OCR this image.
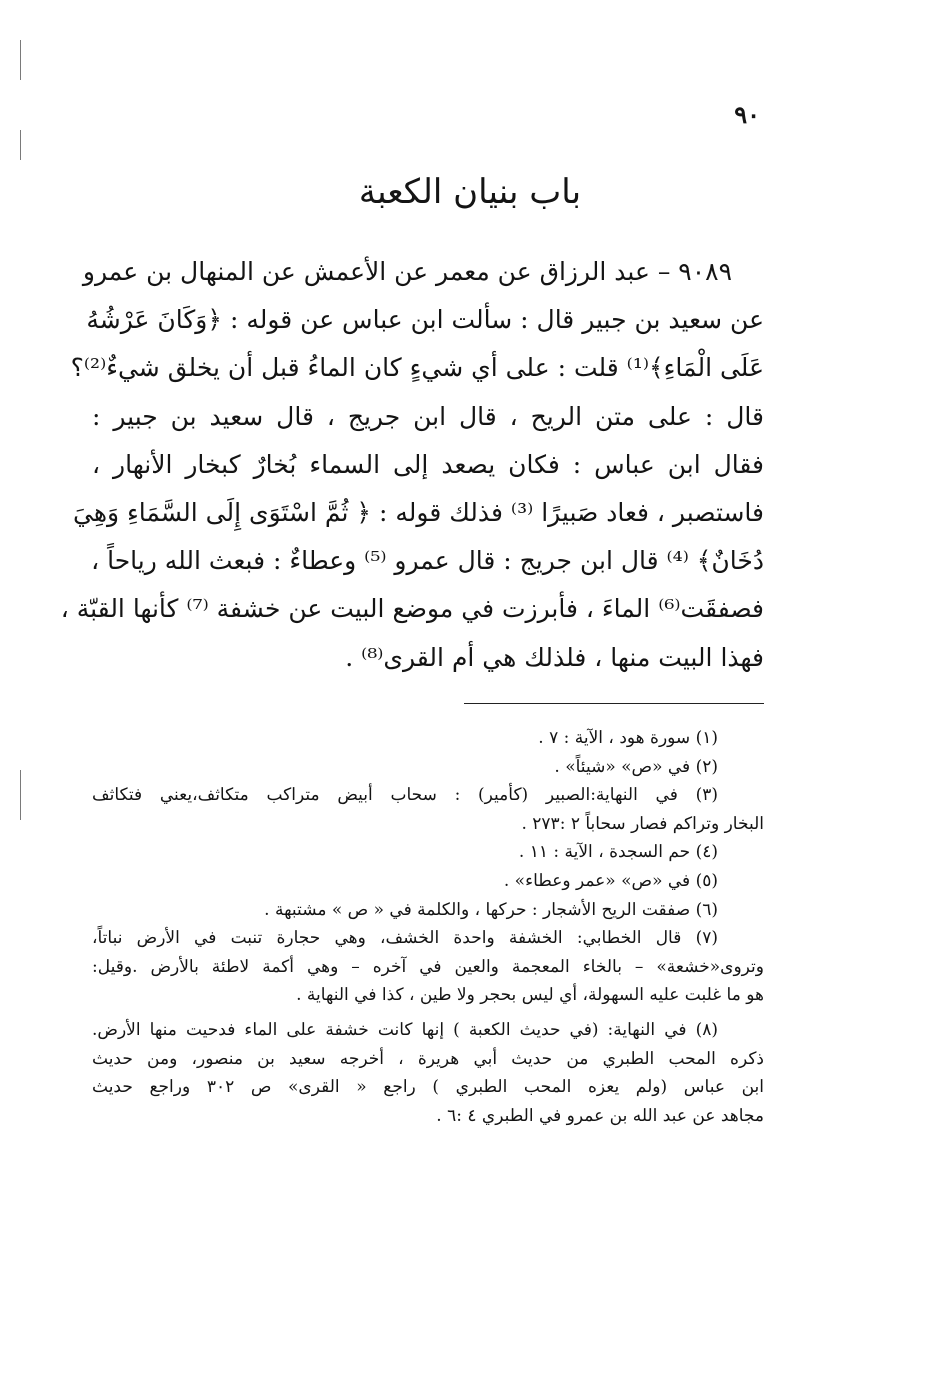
٩٠
باب بنيان الكعبة
٩٠٨٩ – عبد الرزاق عن معمر عن الأعمش عن المنهال بن عمرو
عن سعيد بن جبير قال : سألت ابن عباس عن قوله : ﴿وَكَانَ عَرْشُهُ
عَلَى الْمَاءِ﴾⁽¹⁾ قلت : على أي شيءٍ كان الماءُ قبل أن يخلق شيءٌ⁽²⁾؟
قال : على متن الريح ، قال ابن جريج ، قال سعيد بن جبير :
فقال ابن عباس : فكان يصعد إلى السماء بُخارٌ كبخار الأنهار ،
فاستصبر ، فعاد صَبيرًا ⁽³⁾ فذلك قوله : ﴿ ثُمَّ اسْتَوَى إِلَى السَّمَاءِ وَهِيَ
دُخَانٌ﴾ ⁽⁴⁾ قال ابن جريج : قال عمرو ⁽⁵⁾ وعطاءٌ : فبعث الله رياحاً ،
فصفقَت⁽⁶⁾ الماءَ ، فأبرزت في موضع البيت عن خشفة ⁽⁷⁾ كأنها القبّة ،
فهذا البيت منها ، فلذلك هي أم القرى⁽⁸⁾ .
(١) سورة هود ، الآية : ٧ .
(٢) في «ص» «شيئاً» .
(٣) في النهاية:الصبير (كأمير) : سحاب أبيض متراكب متكاثف،يعني فتكاثف
البخار وتراكم فصار سحاباً ٢ :٢٧٣ .
(٤) حم السجدة ، الآية : ١١ .
(٥) في «ص» «عمر وعطاء» .
(٦) صفقت الريح الأشجار : حركها ، والكلمة في « ص » مشتبهة .
(٧) قال الخطابي: الخشفة واحدة الخشف، وهي حجارة تنبت في الأرض نباتاً،
وتروى«خشعة» – بالخاء المعجمة والعين في آخره – وهي أكمة لاطئة بالأرض .وقيل:
هو ما غلبت عليه السهولة، أي ليس بحجر ولا طين ، كذا في النهاية .
(٨) في النهاية: (في حديث الكعبة ) إنها كانت خشفة على الماء فدحيت منها الأرض.
ذكره المحب الطبري من حديث أبي هريرة ، أخرجه سعيد بن منصور، ومن حديث
ابن عباس (ولم يعزه المحب الطبري ) راجع « القرى» ص ٣٠٢ وراجع حديث
مجاهد عن عبد الله بن عمرو في الطبري ٤ :٦ .
